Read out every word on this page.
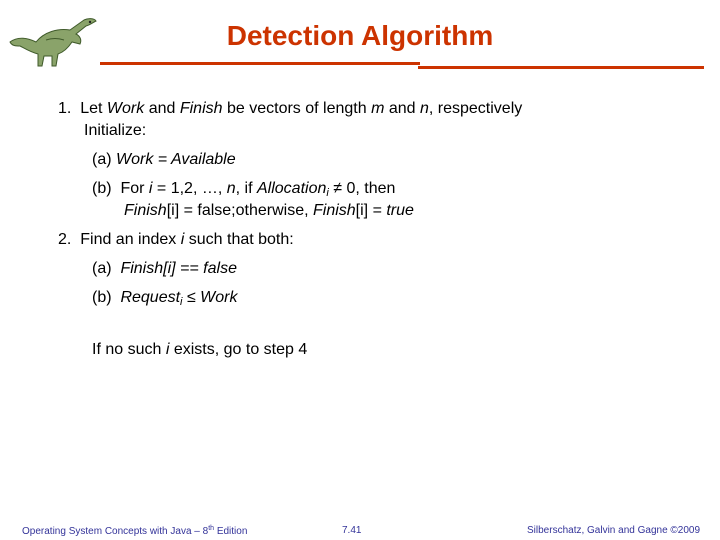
Detection Algorithm
1. Let Work and Finish be vectors of length m and n, respectively
Initialize:
(a) Work = Available
(b) For i = 1,2, …, n, if Allocation$_i$ ≠ 0, then
Finish[i] = false;otherwise, Finish[i] = true
2. Find an index i such that both:
(a) Finish[i] == false
(b) Request$_i$ ≤ Work
If no such i exists, go to step 4
Operating System Concepts with Java – 8th Edition	7.41	Silberschatz, Galvin and Gagne ©2009
